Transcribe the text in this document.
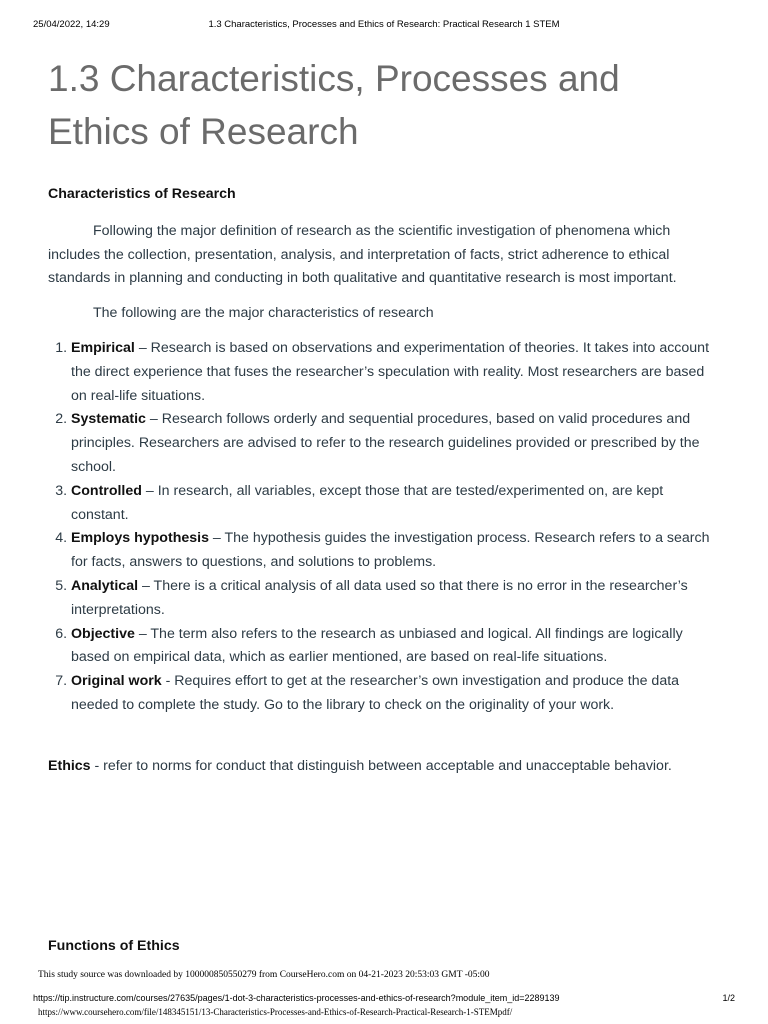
25/04/2022, 14:29	1.3 Characteristics, Processes and Ethics of Research: Practical Research 1 STEM
1.3 Characteristics, Processes and Ethics of Research
Characteristics of Research

Following the major definition of research as the scientific investigation of phenomena which includes the collection, presentation, analysis, and interpretation of facts, strict adherence to ethical standards in planning and conducting in both qualitative and quantitative research is most important.

The following are the major characteristics of research

1. Empirical – Research is based on observations and experimentation of theories. It takes into account the direct experience that fuses the researcher’s speculation with reality. Most researchers are based on real-life situations.
2. Systematic – Research follows orderly and sequential procedures, based on valid procedures and principles. Researchers are advised to refer to the research guidelines provided or prescribed by the school.
3. Controlled – In research, all variables, except those that are tested/experimented on, are kept constant.
4. Employs hypothesis – The hypothesis guides the investigation process. Research refers to a search for facts, answers to questions, and solutions to problems.
5. Analytical – There is a critical analysis of all data used so that there is no error in the researcher’s interpretations.
6. Objective – The term also refers to the research as unbiased and logical. All findings are logically based on empirical data, which as earlier mentioned, are based on real-life situations.
7. Original work - Requires effort to get at the researcher’s own investigation and produce the data needed to complete the study. Go to the library to check on the originality of your work.

Ethics - refer to norms for conduct that distinguish between acceptable and unacceptable behavior.

Functions of Ethics
This study source was downloaded by 100000850550279 from CourseHero.com on 04-21-2023 20:53:03 GMT -05:00
https://tip.instructure.com/courses/27635/pages/1-dot-3-characteristics-processes-and-ethics-of-research?module_item_id=2289139	1/2
https://www.coursehero.com/file/148345151/13-Characteristics-Processes-and-Ethics-of-Research-Practical-Research-1-STEMpdf/
